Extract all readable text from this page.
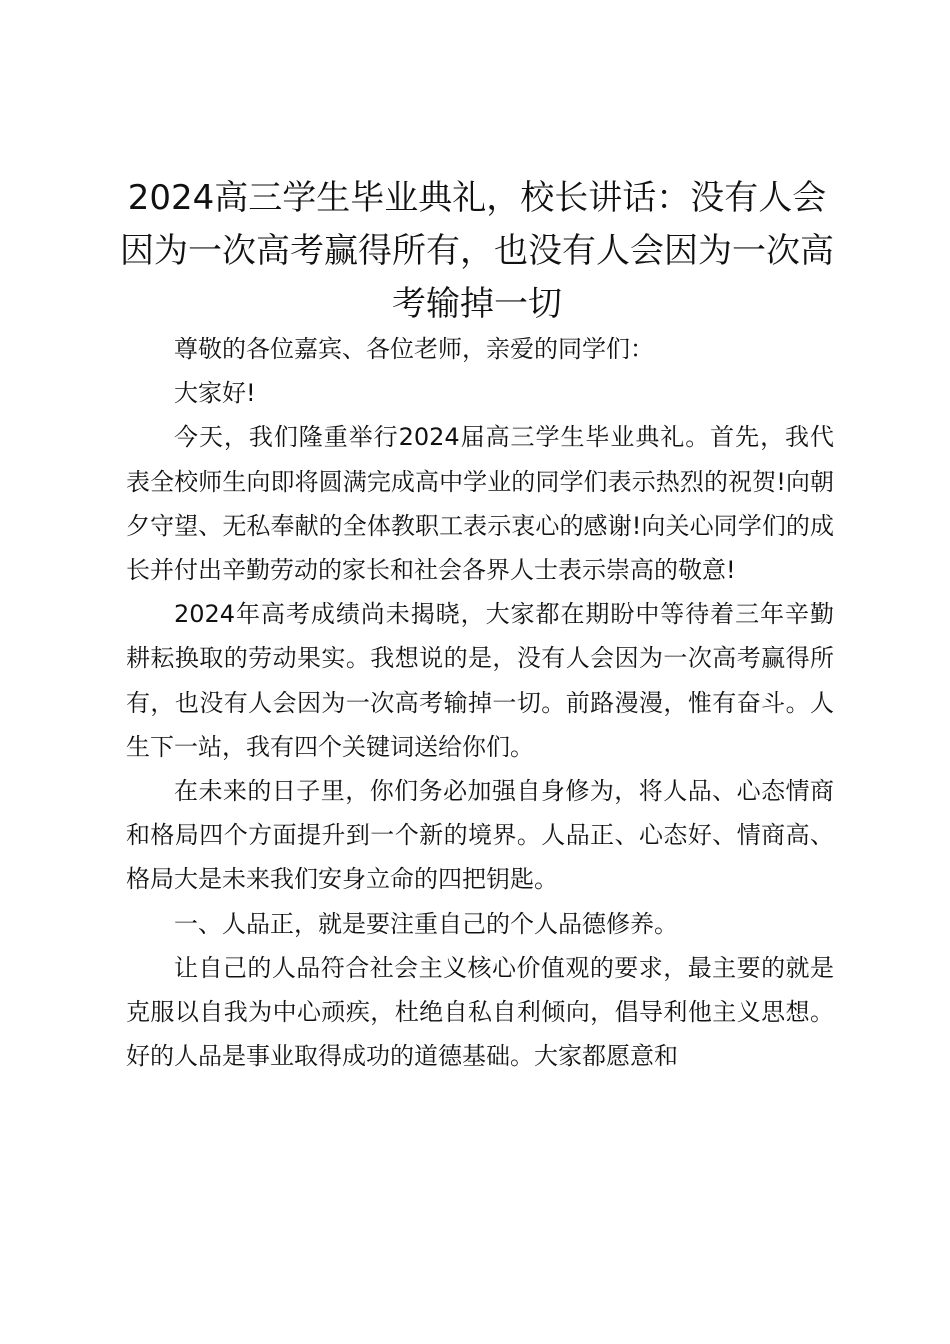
2024高三学生毕业典礼，校长讲话：没有人会因为一次高考赢得所有，也没有人会因为一次高考输掉一切

尊敬的各位嘉宾、各位老师，亲爱的同学们：

大家好!

今天，我们隆重举行2024届高三学生毕业典礼。首先，我代表全校师生向即将圆满完成高中学业的同学们表示热烈的祝贺!向朝夕守望、无私奉献的全体教职工表示衷心的感谢!向关心同学们的成长并付出辛勤劳动的家长和社会各界人士表示崇高的敬意!

2024年高考成绩尚未揭晓，大家都在期盼中等待着三年辛勤耕耘换取的劳动果实。我想说的是，没有人会因为一次高考赢得所有，也没有人会因为一次高考输掉一切。前路漫漫，惟有奋斗。人生下一站，我有四个关键词送给你们。

在未来的日子里，你们务必加强自身修为，将人品、心态情商和格局四个方面提升到一个新的境界。人品正、心态好、情商高、格局大是未来我们安身立命的四把钥匙。

一、人品正，就是要注重自己的个人品德修养。

让自己的人品符合社会主义核心价值观的要求，最主要的就是克服以自我为中心顽疾，杜绝自私自利倾向，倡导利他主义思想。好的人品是事业取得成功的道德基础。大家都愿意和
